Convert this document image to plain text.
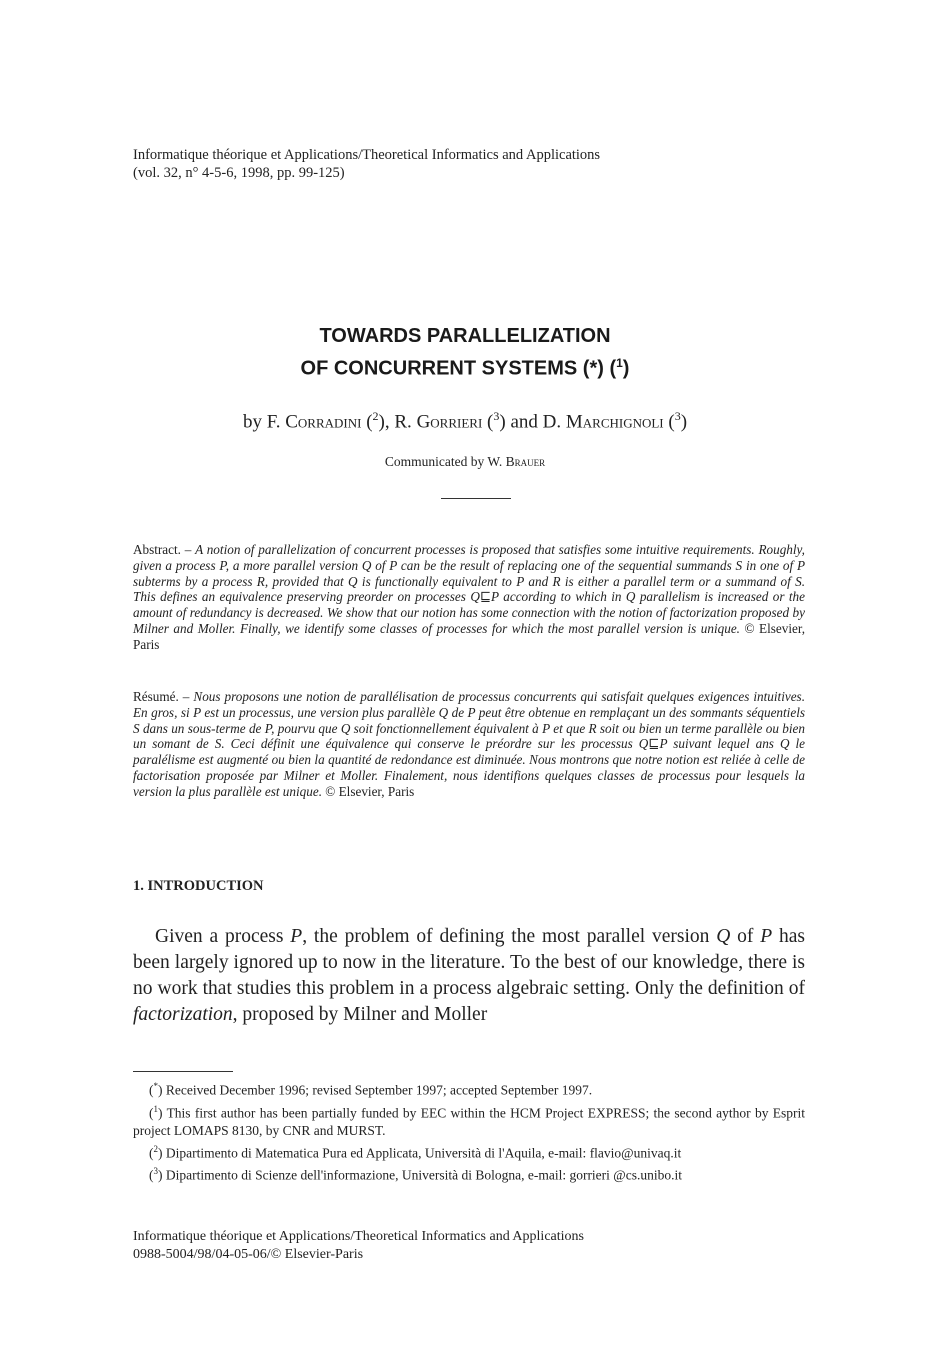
Informatique théorique et Applications/Theoretical Informatics and Applications
(vol. 32, n° 4-5-6, 1998, pp. 99-125)
TOWARDS PARALLELIZATION
OF CONCURRENT SYSTEMS (*) ($^1$)
by F. Corradini ($^2$), R. Gorrieri ($^3$) and D. Marchignoli ($^3$)
Communicated by W. Brauer
Abstract. – A notion of parallelization of concurrent processes is proposed that satisfies some intuitive requirements. Roughly, given a process P, a more parallel version Q of P can be the result of replacing one of the sequential summands S in one of P subterms by a process R, provided that Q is functionally equivalent to P and R is either a parallel term or a summand of S. This defines an equivalence preserving preorder on processes Q⊑P according to which in Q parallelism is increased or the amount of redundancy is decreased. We show that our notion has some connection with the notion of factorization proposed by Milner and Moller. Finally, we identify some classes of processes for which the most parallel version is unique. © Elsevier, Paris
Résumé. – Nous proposons une notion de parallélisation de processus concurrents qui satisfait quelques exigences intuitives. En gros, si P est un processus, une version plus parallèle Q de P peut être obtenue en remplaçant un des sommants séquentiels S dans un sous-terme de P, pourvu que Q soit fonctionnellement équivalent à P et que R soit ou bien un terme parallèle ou bien un somant de S. Ceci définit une équivalence qui conserve le préordre sur les processus Q⊑P suivant lequel ans Q le paralélisme est augmenté ou bien la quantité de redondance est diminuée. Nous montrons que notre notion est reliée à celle de factorisation proposée par Milner et Moller. Finalement, nous identifions quelques classes de processus pour lesquels la version la plus parallèle est unique. © Elsevier, Paris
1. INTRODUCTION
Given a process P, the problem of defining the most parallel version Q of P has been largely ignored up to now in the literature. To the best of our knowledge, there is no work that studies this problem in a process algebraic setting. Only the definition of factorization, proposed by Milner and Moller

(*) Received December 1996; revised September 1997; accepted September 1997.

($^1$) This first author has been partially funded by EEC within the HCM Project EXPRESS; the second aythor by Esprit project LOMAPS 8130, by CNR and MURST.

($^2$) Dipartimento di Matematica Pura ed Applicata, Università di l'Aquila, e-mail: flavio@univaq.it

($^3$) Dipartimento di Scienze dell'informazione, Università di Bologna, e-mail: gorrieri @cs.unibo.it

Informatique théorique et Applications/Theoretical Informatics and Applications
0988-5004/98/04-05-06/© Elsevier-Paris
